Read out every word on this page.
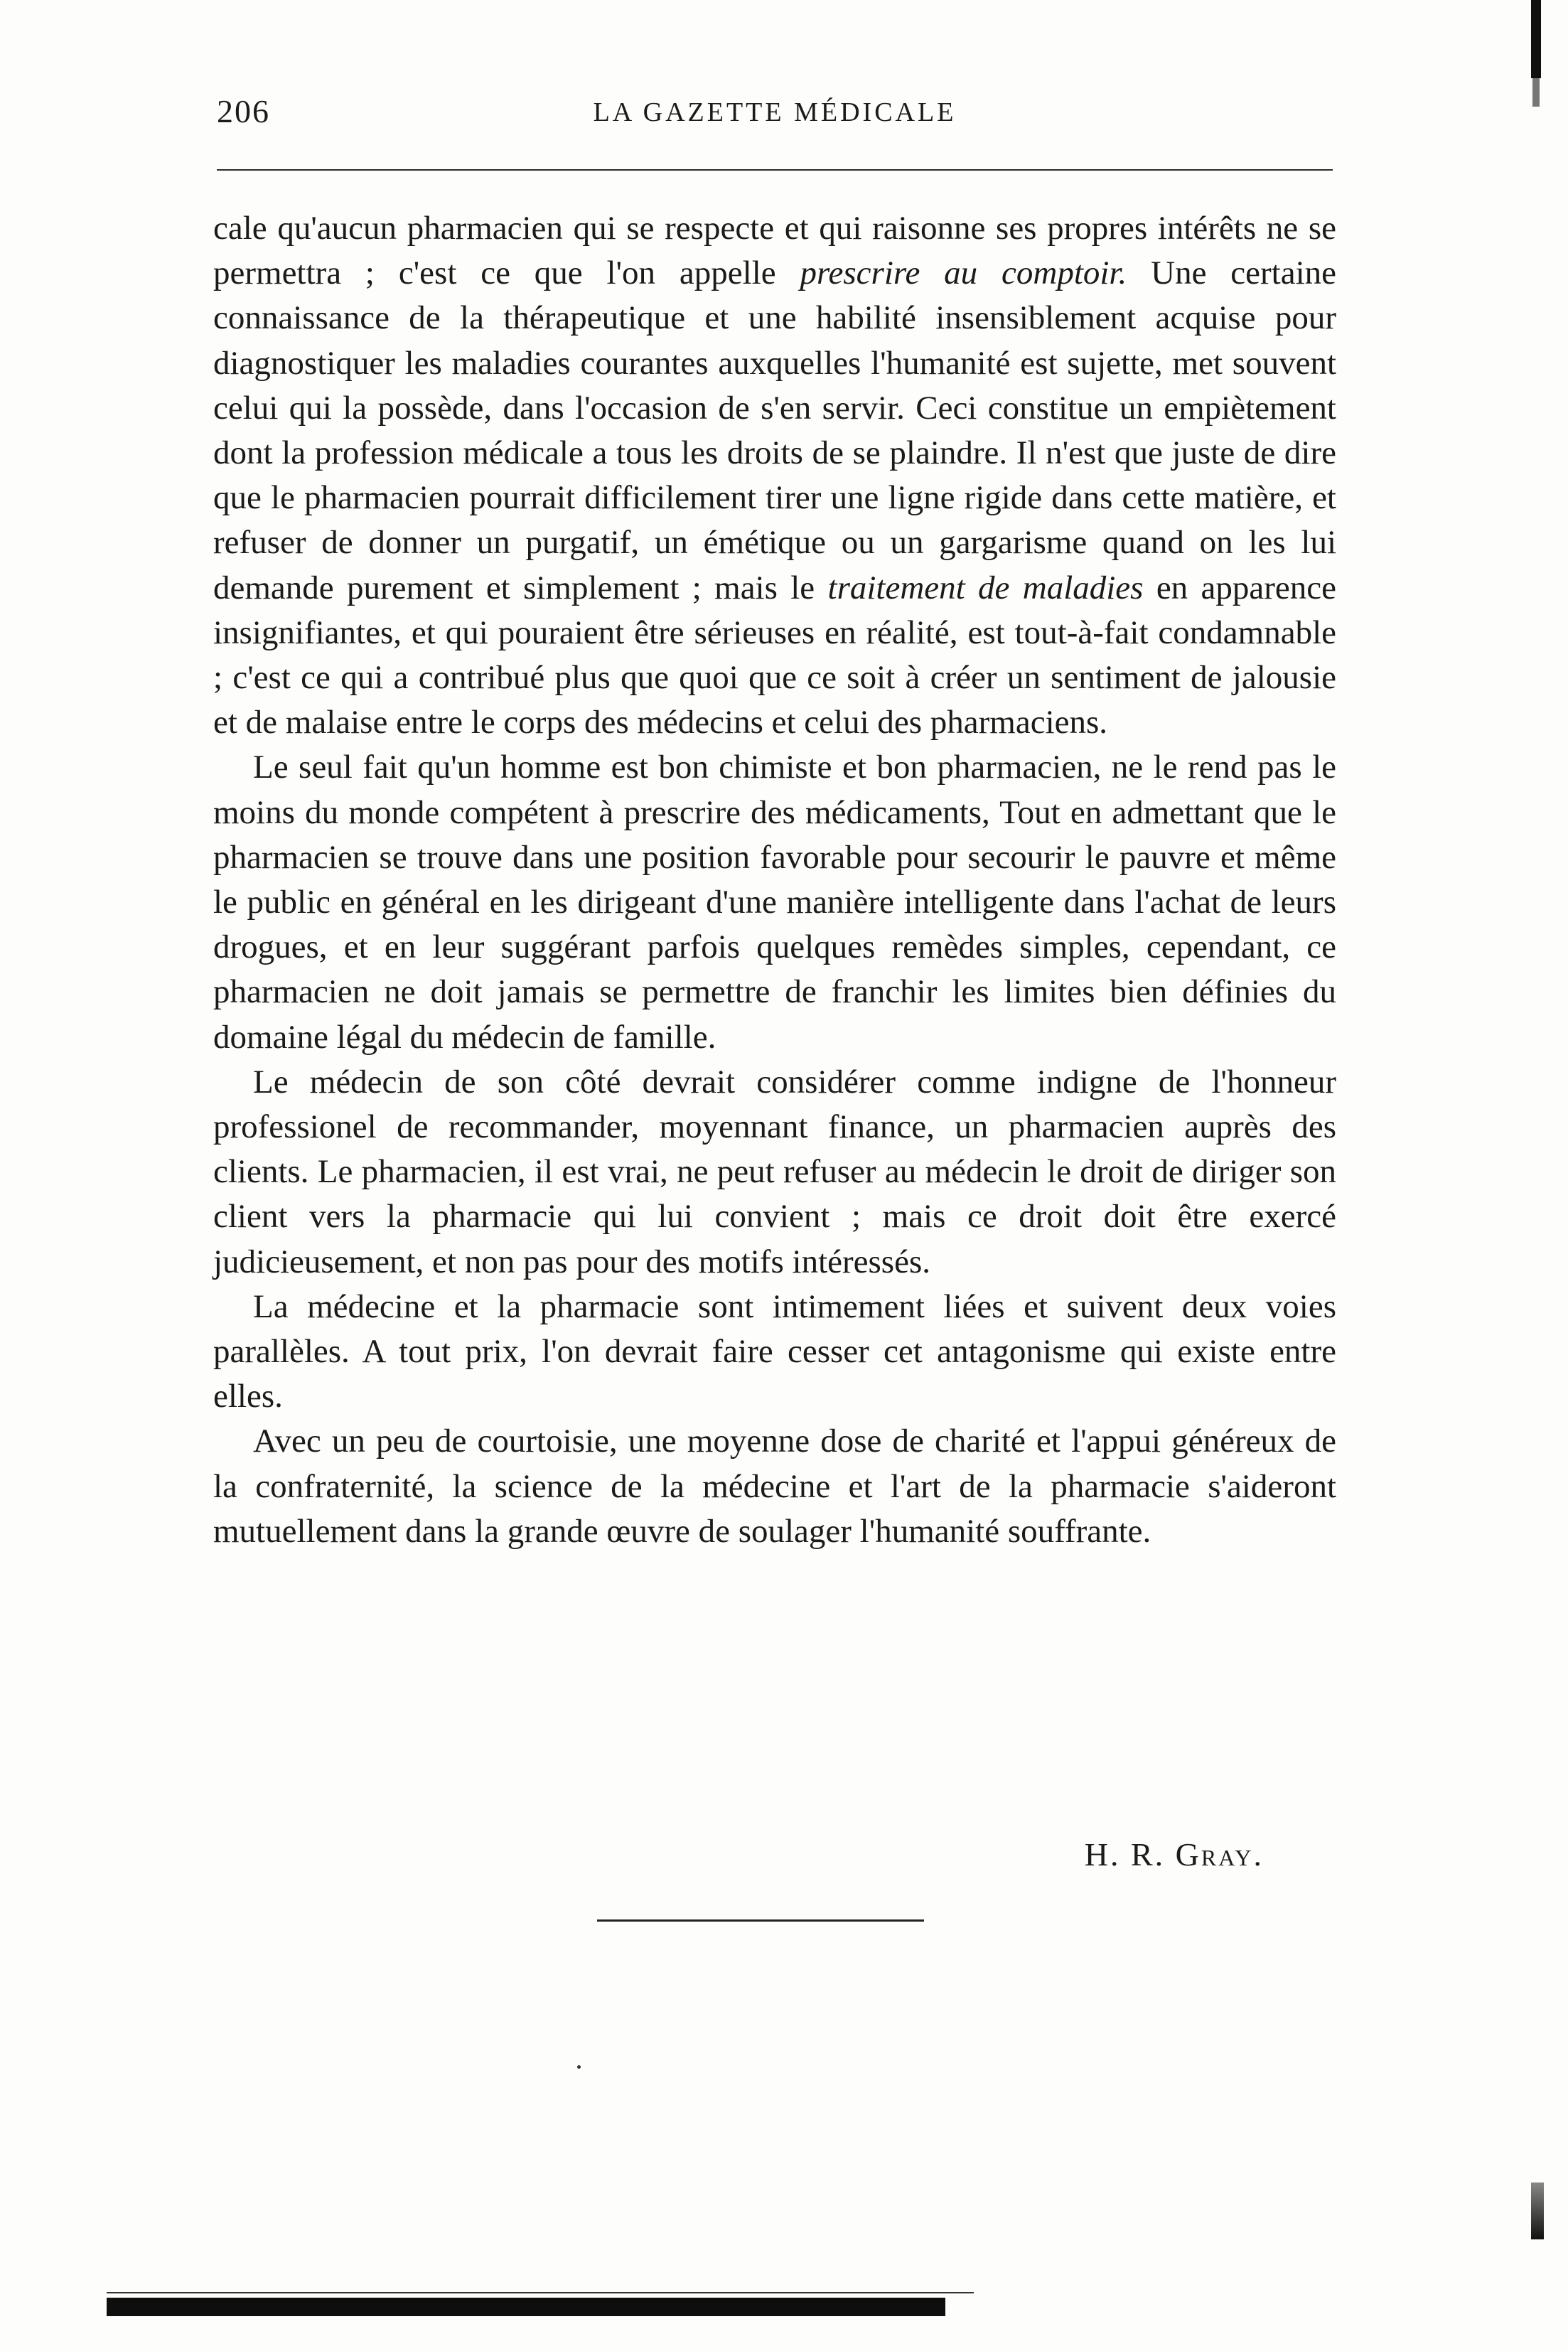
206	LA GAZETTE MÉDICALE

cale qu'aucun pharmacien qui se respecte et qui raisonne ses propres intérêts ne se permettra ; c'est ce que l'on appelle prescrire au comptoir. Une certaine connaissance de la thérapeutique et une habilité insensiblement acquise pour diagnostiquer les maladies courantes auxquelles l'humanité est sujette, met souvent celui qui la possède, dans l'occasion de s'en servir. Ceci constitue un empiètement dont la profession médicale a tous les droits de se plaindre. Il n'est que juste de dire que le pharmacien pourrait difficilement tirer une ligne rigide dans cette matière, et refuser de donner un purgatif, un émétique ou un gargarisme quand on les lui demande purement et simplement ; mais le traitement de maladies en apparence insignifiantes, et qui pouraient être sérieuses en réalité, est tout-à-fait condamnable ; c'est ce qui a contribué plus que quoi que ce soit à créer un sentiment de jalousie et de malaise entre le corps des médecins et celui des pharmaciens.

Le seul fait qu'un homme est bon chimiste et bon pharmacien, ne le rend pas le moins du monde compétent à prescrire des médicaments, Tout en admettant que le pharmacien se trouve dans une position favorable pour secourir le pauvre et même le public en général en les dirigeant d'une manière intelligente dans l'achat de leurs drogues, et en leur suggérant parfois quelques remèdes simples, cependant, ce pharmacien ne doit jamais se permettre de franchir les limites bien définies du domaine légal du médecin de famille.

Le médecin de son côté devrait considérer comme indigne de l'honneur professionel de recommander, moyennant finance, un pharmacien auprès des clients. Le pharmacien, il est vrai, ne peut refuser au médecin le droit de diriger son client vers la pharmacie qui lui convient ; mais ce droit doit être exercé judicieusement, et non pas pour des motifs intéressés.

La médecine et la pharmacie sont intimement liées et suivent deux voies parallèles. A tout prix, l'on devrait faire cesser cet antagonisme qui existe entre elles.

Avec un peu de courtoisie, une moyenne dose de charité et l'appui généreux de la confraternité, la science de la médecine et l'art de la pharmacie s'aideront mutuellement dans la grande œuvre de soulager l'humanité souffrante.

H. R. Gray.
